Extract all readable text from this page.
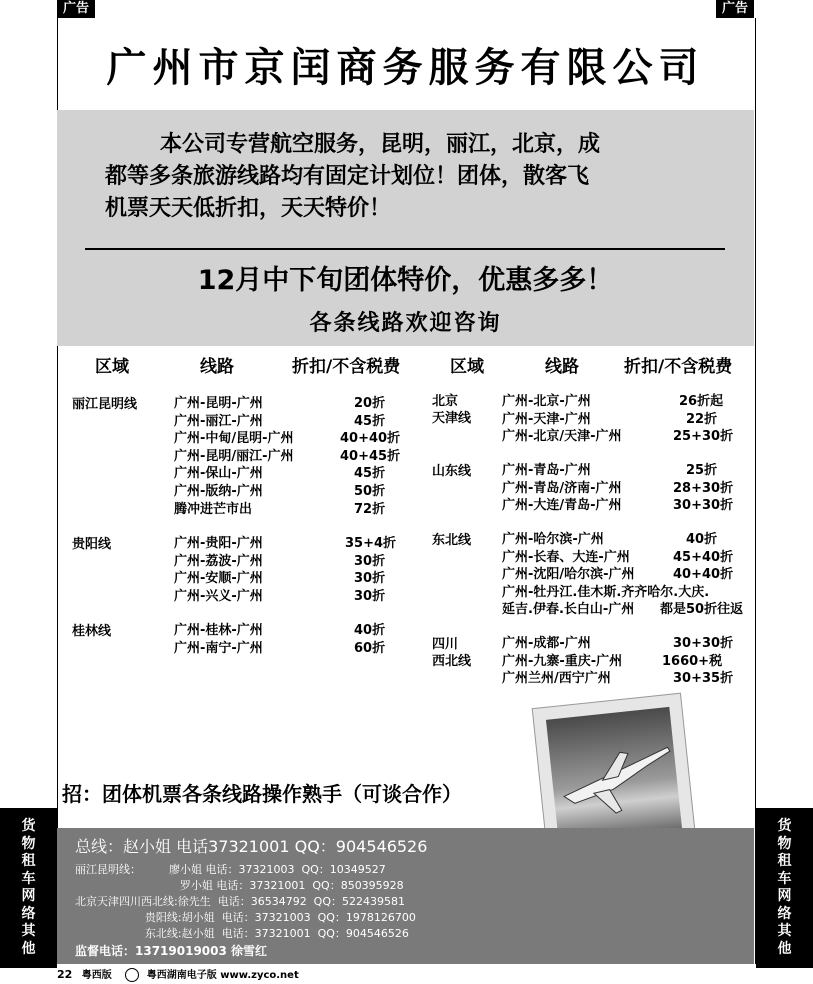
广告	广告
广州市京闰商务服务有限公司
本公司专营航空服务，昆明，丽江，北京，成
都等多条旅游线路均有固定计划位！团体，散客飞
机票天天低折扣，天天特价！
12月中下旬团体特价，优惠多多！
各条线路欢迎咨询
区域	线路	折扣/不含税费	区域	线路	折扣/不含税费
丽江昆明线	广州-昆明-广州	20折
广州-丽江-广州	45折
广州-中甸/昆明-广州	40+40折
广州-昆明/丽江-广州	40+45折
广州-保山-广州	45折
广州-版纳-广州	50折
腾冲进芒市出	72折
贵阳线	广州-贵阳-广州	35+4折
广州-荔波-广州	30折
广州-安顺-广州	30折
广州-兴义-广州	30折
桂林线	广州-桂林-广州	40折
广州-南宁-广州	60折
北京
天津线
广州-北京-广州	26折起
广州-天津-广州	22折
广州-北京/天津-广州	25+30折
山东线 广州-青岛-广州	25折
广州-青岛/济南-广州	28+30折
广州-大连/青岛-广州	30+30折
东北线 广州-哈尔滨-广州	40折
广州-长春、大连-广州	45+40折
广州-沈阳/哈尔滨-广州	40+40折
广州-牡丹江.佳木斯.齐齐哈尔.大庆.
延吉.伊春.长白山-广州 都是50折往返
四川
西北线
广州-成都-广州	30+30折
广州-九寨-重庆-广州	1660+税
广州兰州/西宁广州	30+35折
招：团体机票各条线路操作熟手（可谈合作）
货
物
租
车
网
络
其
他
货
物
租
车
网
络
其
他
总线：赵小姐 电话37321001 QQ：904546526
丽江昆明线：        廖小姐 电话：37321003  QQ：10349527
罗小姐 电话：37321001  QQ：850395928
北京天津四川西北线:徐先生  电话：36534792  QQ：522439581
贵阳线:胡小姐  电话：37321003  QQ：1978126700
东北线:赵小姐  电话：37321001  QQ：904546526
监督电话：13719019003 徐雪红
22 粤西版	粤西湖南电子版 www.zyco.net
